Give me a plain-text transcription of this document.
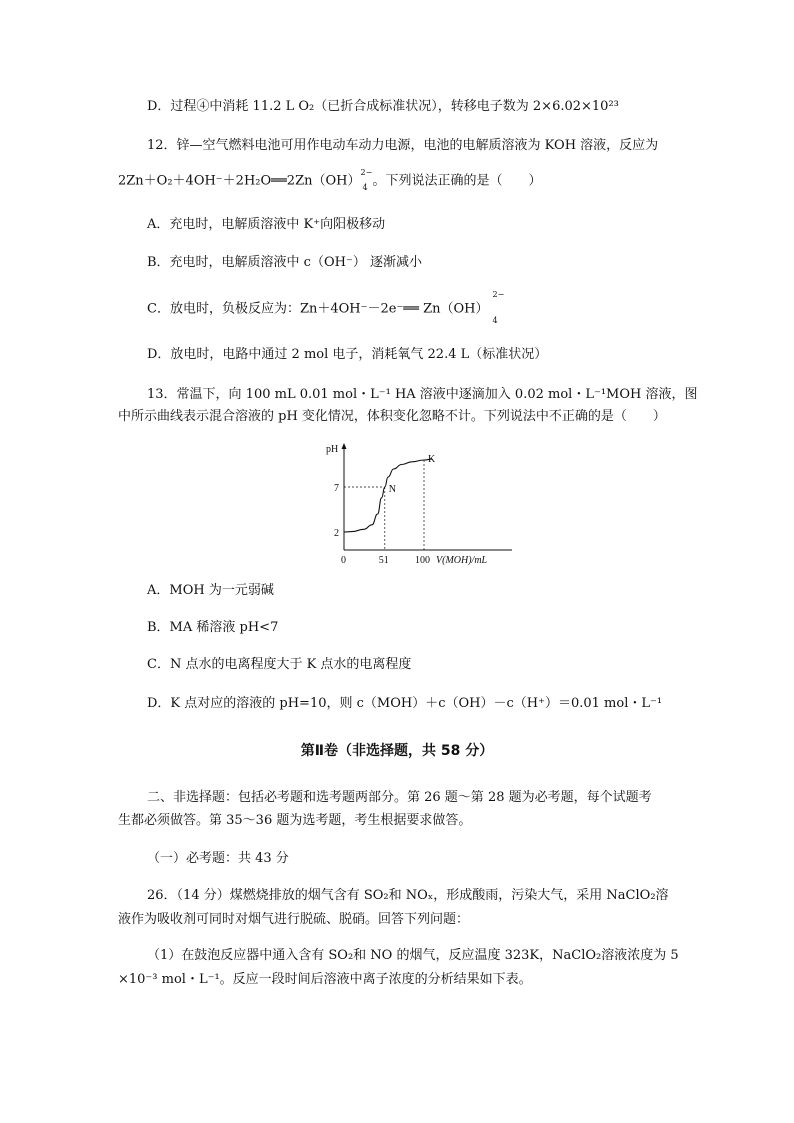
D．过程④中消耗 11.2 L O₂（已折合成标准状况），转移电子数为 2×6.02×10²³
12．锌—空气燃料电池可用作电动车动力电源，电池的电解质溶液为 KOH 溶液，反应为
2Zn＋O₂＋4OH⁻＋2H₂O══2Zn（OH）
2−
4 。下列说法正确的是（　　）
A．充电时，电解质溶液中 K⁺向阳极移动
B．充电时，电解质溶液中 c（OH⁻） 逐渐减小
C．放电时，负极反应为：Zn＋4OH⁻－2e⁻══ Zn（OH）
2−
4
D．放电时，电路中通过 2 mol 电子，消耗氧气 22.4 L（标准状况）
13．常温下，向 100 mL 0.01 mol・L⁻¹ HA 溶液中逐滴加入 0.02 mol・L⁻¹MOH 溶液，图
中所示曲线表示混合溶液的 pH 变化情况，体积变化忽略不计。下列说法中不正确的是（　　）
pH
V(MOH)/mL
0	51	100
2
7	N
K
A．MOH 为一元弱碱
B．MA 稀溶液 pH<7
C．N 点水的电离程度大于 K 点水的电离程度
D．K 点对应的溶液的 pH=10，则 c（MOH）＋c（OH）－c（H⁺）＝0.01 mol・L⁻¹
第Ⅱ卷（非选择题，共 58 分）
二、非选择题：包括必考题和选考题两部分。第 26 题～第 28 题为必考题，每个试题考
生都必须做答。第 35～36 题为选考题，考生根据要求做答。
（一）必考题：共 43 分
26．（14 分）煤燃烧排放的烟气含有 SO₂和 NOₓ，形成酸雨，污染大气，采用 NaClO₂溶
液作为吸收剂可同时对烟气进行脱硫、脱硝。回答下列问题：
（1）在鼓泡反应器中通入含有 SO₂和 NO 的烟气，反应温度 323K，NaClO₂溶液浓度为 5
×10⁻³ mol・L⁻¹。反应一段时间后溶液中离子浓度的分析结果如下表。
